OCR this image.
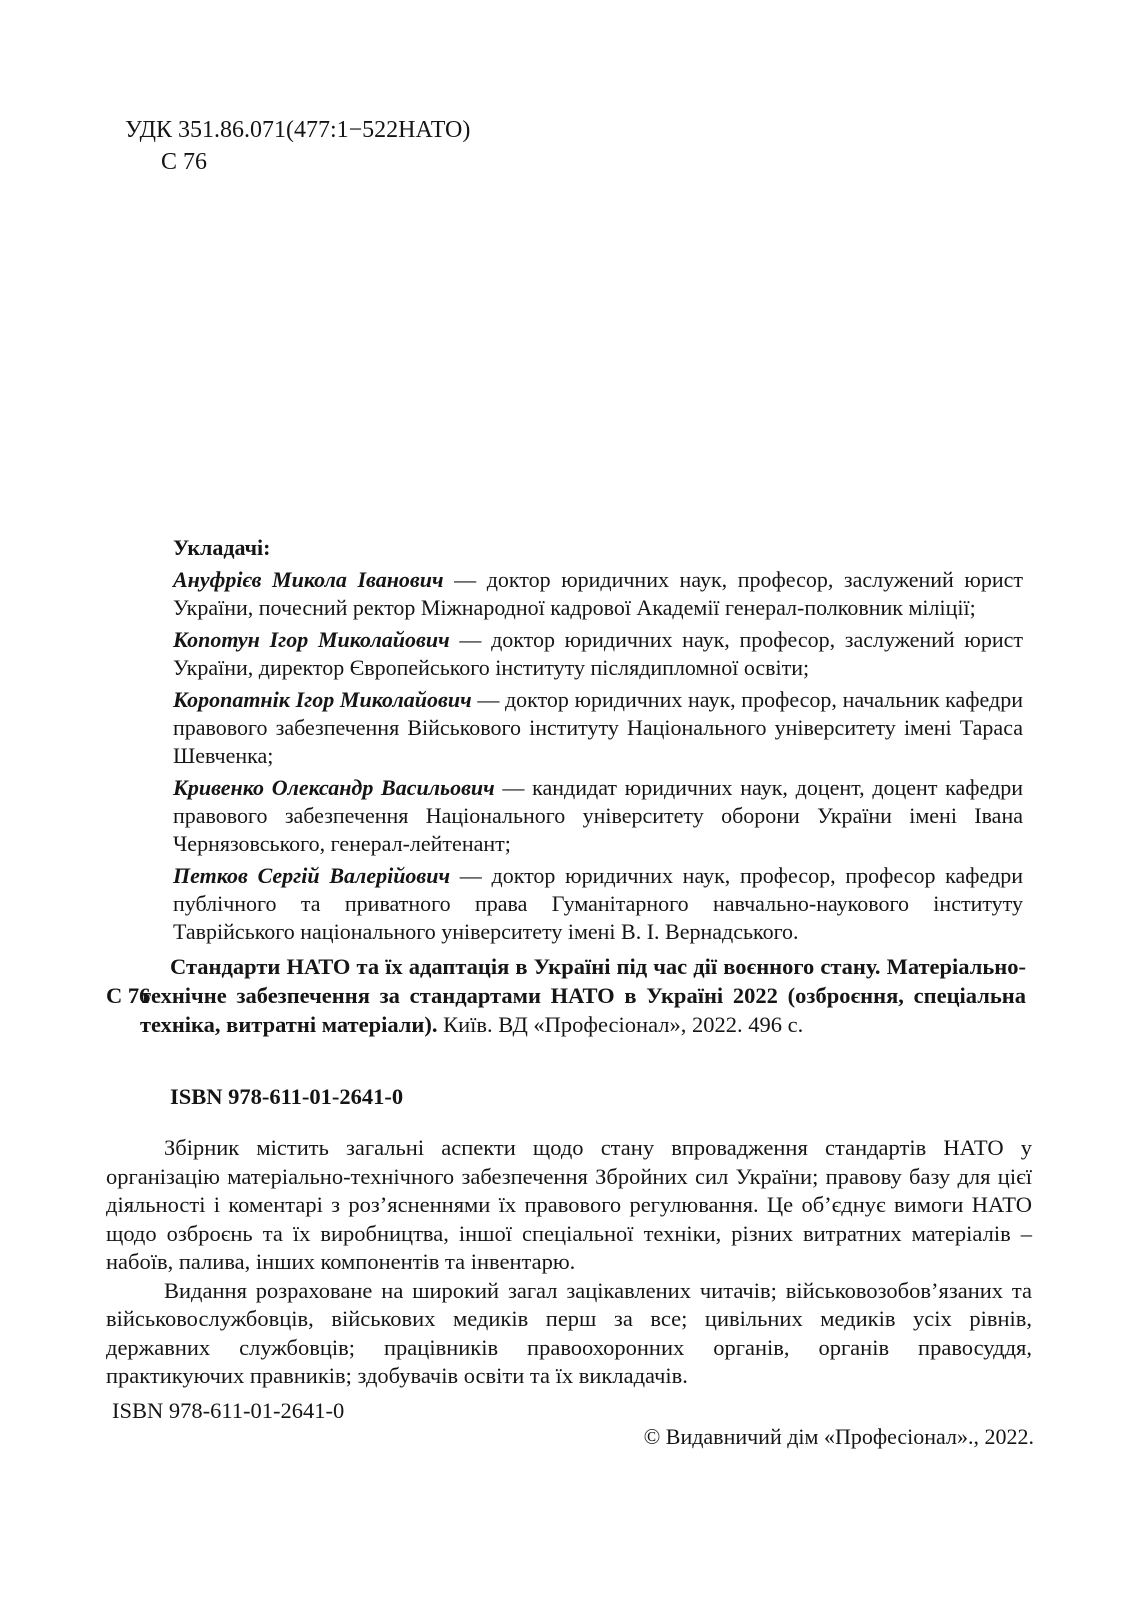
УДК 351.86.071(477:1−522НАТО)
С 76

Укладачі:

Ануфрієв Микола Іванович — доктор юридичних наук, професор, заслужений юрист України, почесний ректор Міжнародної кадрової Академії генерал-полковник міліції;

Копотун Ігор Миколайович — доктор юридичних наук, професор, заслужений юрист України, директор Європейського інституту післядипломної освіти;

Коропатнік Ігор Миколайович — доктор юридичних наук, професор, начальник кафедри правового забезпечення Військового інституту Національного університету імені Тараса Шевченка;

Кривенко Олександр Васильович — кандидат юридичних наук, доцент, доцент кафедри правового забезпечення Національного університету оборони України імені Івана Чернязовського, генерал-лейтенант;

Петков Сергій Валерійович — доктор юридичних наук, професор, професор кафедри публічного та приватного права Гуманітарного навчально-наукового інституту Таврійського національного університету імені В. І. Вернадського.

С 76

Стандарти НАТО та їх адаптація в Україні під час дії воєнного стану. Матеріально-технічне забезпечення за стандартами НАТО в Україні 2022 (озброєння, спеціальна техніка, витратні матеріали). Київ. ВД «Професіонал», 2022. 496 с.

ISBN 978-611-01-2641-0

Збірник містить загальні аспекти щодо стану впровадження стандартів НАТО у організацію матеріально-технічного забезпечення Збройних сил України; правову базу для цієї діяльності і коментарі з роз’ясненнями їх правового регулювання. Це об’єднує вимоги НАТО щодо озброєнь та їх виробництва, іншої спеціальної техніки, різних витратних матеріалів – набоїв, палива, інших компонентів та інвентарю.

Видання розраховане на широкий загал зацікавлених читачів; військовозобов’язаних та військовослужбовців, військових медиків перш за все; цивільних медиків усіх рівнів, державних службовців; працівників правоохоронних органів, органів правосуддя, практикуючих правників; здобувачів освіти та їх викладачів.

ISBN 978-611-01-2641-0
© Видавничий дім «Професіонал»., 2022.
